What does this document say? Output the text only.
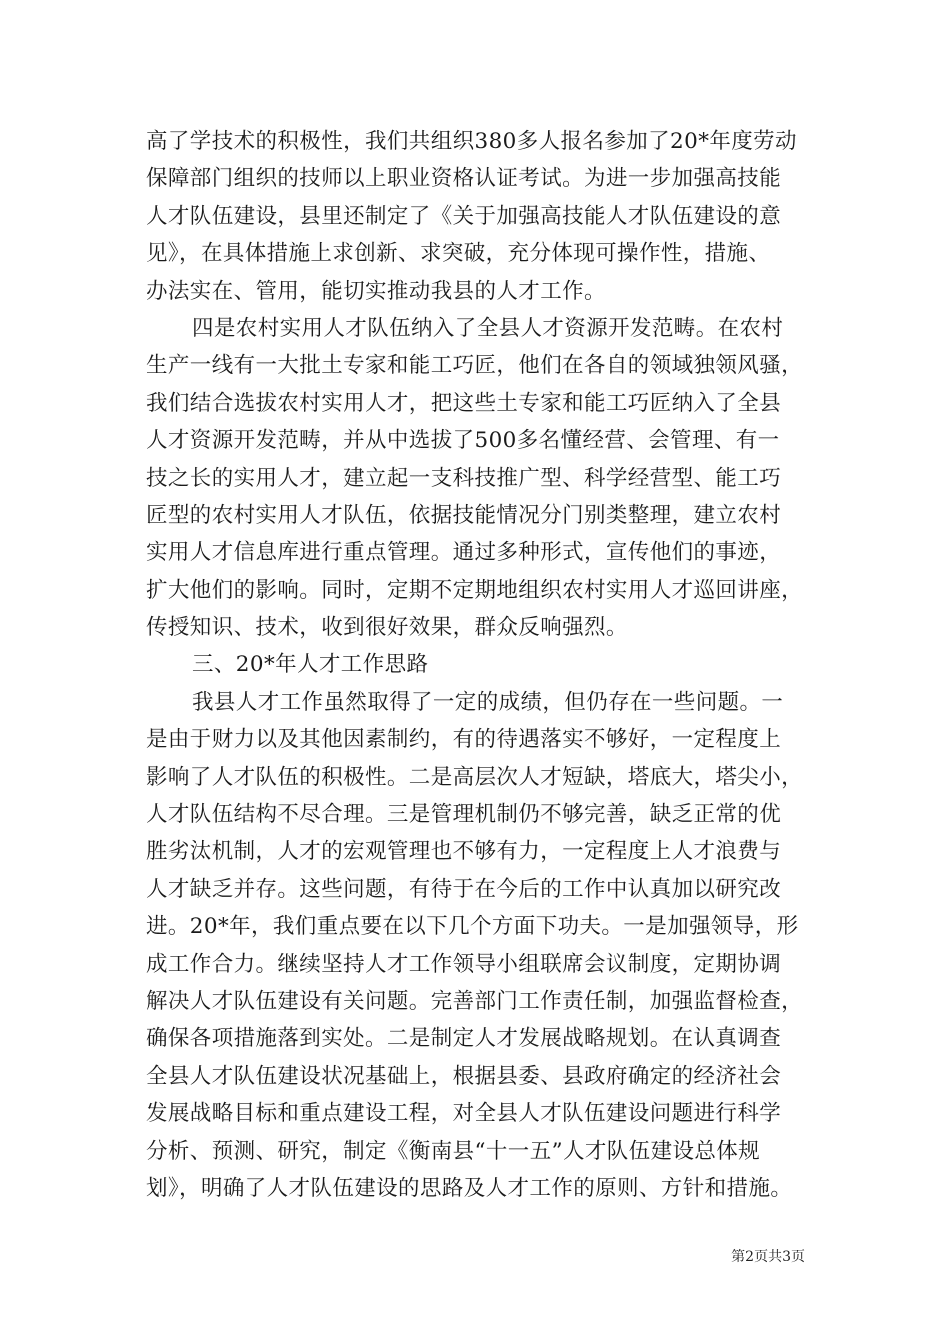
高了学技术的积极性，我们共组织380多人报名参加了20*年度劳动
保障部门组织的技师以上职业资格认证考试。为进一步加强高技能
人才队伍建设，县里还制定了《关于加强高技能人才队伍建设的意
见》，在具体措施上求创新、求突破，充分体现可操作性，措施、
办法实在、管用，能切实推动我县的人才工作。
四是农村实用人才队伍纳入了全县人才资源开发范畴。在农村
生产一线有一大批土专家和能工巧匠，他们在各自的领域独领风骚，
我们结合选拔农村实用人才，把这些土专家和能工巧匠纳入了全县
人才资源开发范畴，并从中选拔了500多名懂经营、会管理、有一
技之长的实用人才，建立起一支科技推广型、科学经营型、能工巧
匠型的农村实用人才队伍，依据技能情况分门别类整理，建立农村
实用人才信息库进行重点管理。通过多种形式，宣传他们的事迹，
扩大他们的影响。同时，定期不定期地组织农村实用人才巡回讲座，
传授知识、技术，收到很好效果，群众反响强烈。
三、20*年人才工作思路
我县人才工作虽然取得了一定的成绩，但仍存在一些问题。一
是由于财力以及其他因素制约，有的待遇落实不够好，一定程度上
影响了人才队伍的积极性。二是高层次人才短缺，塔底大，塔尖小，
人才队伍结构不尽合理。三是管理机制仍不够完善，缺乏正常的优
胜劣汰机制，人才的宏观管理也不够有力，一定程度上人才浪费与
人才缺乏并存。这些问题，有待于在今后的工作中认真加以研究改
进。20*年，我们重点要在以下几个方面下功夫。一是加强领导，形
成工作合力。继续坚持人才工作领导小组联席会议制度，定期协调
解决人才队伍建设有关问题。完善部门工作责任制，加强监督检查，
确保各项措施落到实处。二是制定人才发展战略规划。在认真调查
全县人才队伍建设状况基础上，根据县委、县政府确定的经济社会
发展战略目标和重点建设工程，对全县人才队伍建设问题进行科学
分析、预测、研究，制定《衡南县“十一五”人才队伍建设总体规
划》，明确了人才队伍建设的思路及人才工作的原则、方针和措施。
第2页共3页
